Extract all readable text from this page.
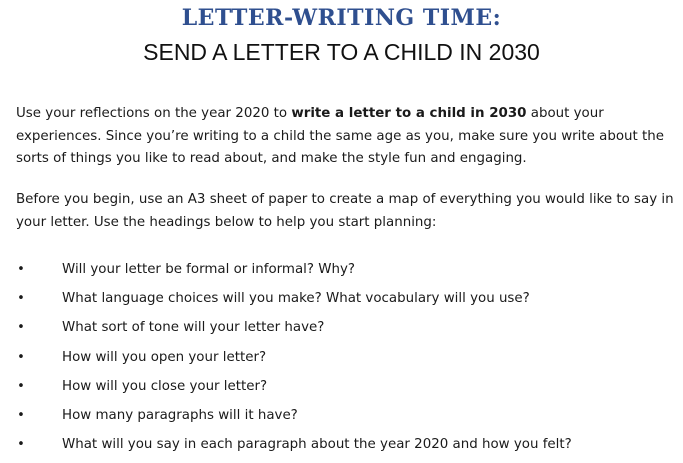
LETTER-WRITING TIME:
SEND A LETTER TO A CHILD IN 2030
Use your reflections on the year 2020 to write a letter to a child in 2030 about your experiences. Since you’re writing to a child the same age as you, make sure you write about the sorts of things you like to read about, and make the style fun and engaging.
Before you begin, use an A3 sheet of paper to create a map of everything you would like to say in your letter. Use the headings below to help you start planning:
•	Will your letter be formal or informal? Why?
•	What language choices will you make? What vocabulary will you use?
•	What sort of tone will your letter have?
•	How will you open your letter?
•	How will you close your letter?
•	How many paragraphs will it have?
•	What will you say in each paragraph about the year 2020 and how you felt?
